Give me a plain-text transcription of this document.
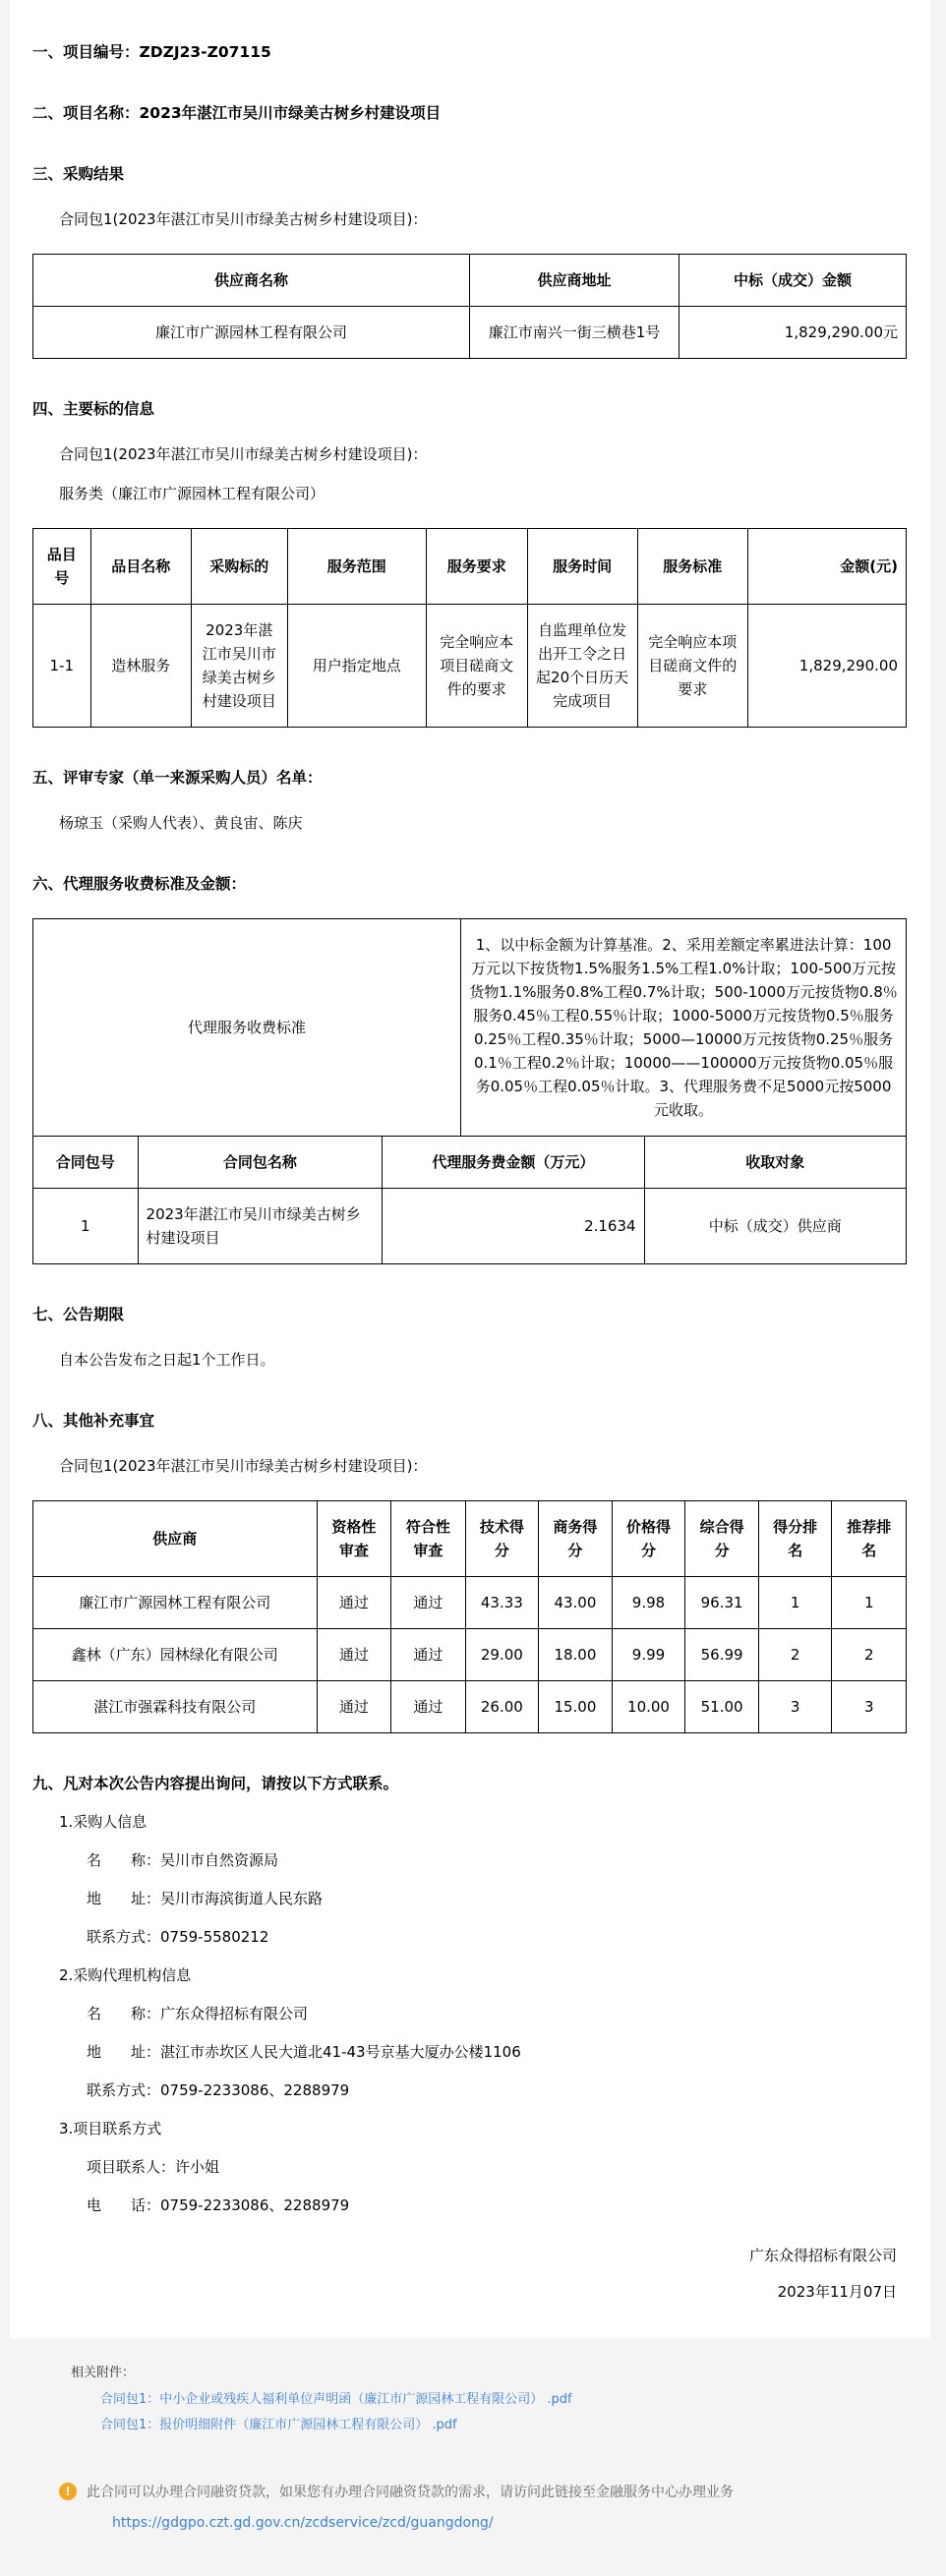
一、项目编号：ZDZJ23-Z07115
二、项目名称：2023年湛江市吴川市绿美古树乡村建设项目
三、采购结果

合同包1(2023年湛江市吴川市绿美古树乡村建设项目)：

供应商名称	供应商地址	中标（成交）金额
廉江市广源园林工程有限公司	廉江市南兴一街三横巷1号	1,829,290.00元
四、主要标的信息

合同包1(2023年湛江市吴川市绿美古树乡村建设项目)：

服务类（廉江市广源园林工程有限公司）

品目号	品目名称	采购标的	服务范围	服务要求	服务时间	服务标准	金额(元)
1-1	造林服务	2023年湛江市吴川市绿美古树乡村建设项目	用户指定地点	完全响应本项目磋商文件的要求	自监理单位发出开工令之日起20个日历天完成项目	完全响应本项目磋商文件的要求	1,829,290.00
五、评审专家（单一来源采购人员）名单：

杨琼玉（采购人代表）、黄良宙、陈庆

六、代理服务收费标准及金额：
代理服务收费标准	1、以中标金额为计算基准。2、采用差额定率累进法计算：100万元以下按货物1.5%服务1.5%工程1.0%计取；100-500万元按货物1.1%服务0.8%工程0.7%计取；500-1000万元按货物0.8％服务0.45％工程0.55％计取；1000-5000万元按货物0.5％服务0.25％工程0.35％计取；5000—10000万元按货物0.25％服务0.1％工程0.2％计取；10000——100000万元按货物0.05％服务0.05％工程0.05％计取。3、代理服务费不足5000元按5000元收取。
合同包号	合同包名称	代理服务费金额（万元）	收取对象
1	2023年湛江市吴川市绿美古树乡村建设项目	2.1634	中标（成交）供应商
七、公告期限

自本公告发布之日起1个工作日。

八、其他补充事宜

合同包1(2023年湛江市吴川市绿美古树乡村建设项目)：

供应商	资格性审查	符合性审查	技术得分	商务得分	价格得分	综合得分	得分排名	推荐排名
廉江市广源园林工程有限公司	通过	通过	43.33	43.00	9.98	96.31	1	1
鑫林（广东）园林绿化有限公司	通过	通过	29.00	18.00	9.99	56.99	2	2
湛江市强霖科技有限公司	通过	通过	26.00	15.00	10.00	51.00	3	3
九、凡对本次公告内容提出询问，请按以下方式联系。

1.采购人信息

名　　称：吴川市自然资源局

地　　址：吴川市海滨街道人民东路

联系方式：0759-5580212

2.采购代理机构信息

名　　称：广东众得招标有限公司

地　　址：湛江市赤坎区人民大道北41-43号京基大厦办公楼1106

联系方式：0759-2233086、2288979

3.项目联系方式

项目联系人：许小姐

电　　话：0759-2233086、2288979

广东众得招标有限公司

2023年11月07日

相关附件：

合同包1：中小企业或残疾人福利单位声明函（廉江市广源园林工程有限公司） .pdf
合同包1：报价明细附件（廉江市广源园林工程有限公司） .pdf
!	此合同可以办理合同融资贷款，如果您有办理合同融资贷款的需求，请访问此链接至金融服务中心办理业务
https://gdgpo.czt.gd.gov.cn/zcdservice/zcd/guangdong/
